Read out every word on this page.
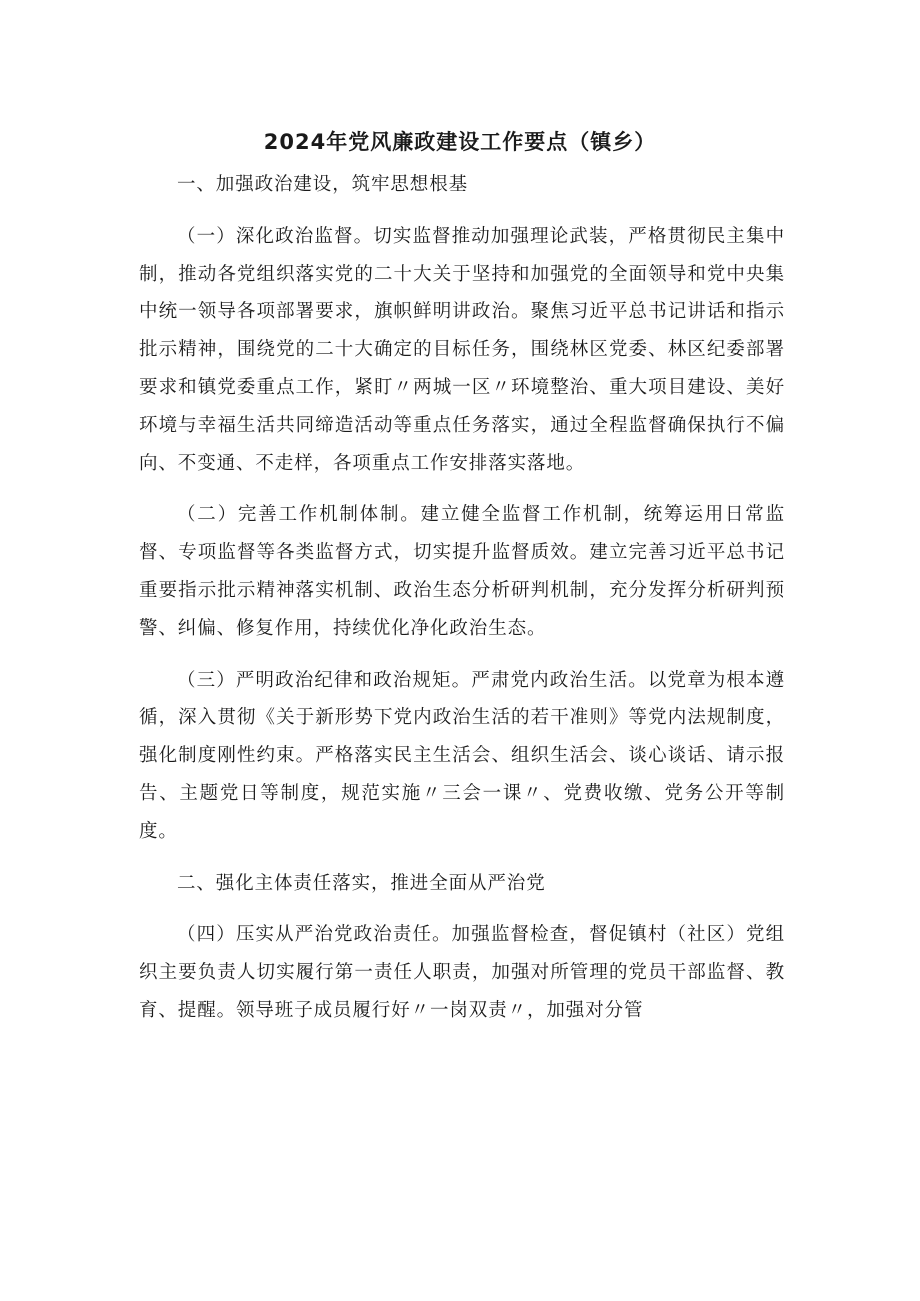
2024年党风廉政建设工作要点（镇乡）

一、加强政治建设，筑牢思想根基

（一）深化政治监督。切实监督推动加强理论武装，严格贯彻民主集中制，推动各党组织落实党的二十大关于坚持和加强党的全面领导和党中央集中统一领导各项部署要求，旗帜鲜明讲政治。聚焦习近平总书记讲话和指示批示精神，围绕党的二十大确定的目标任务，围绕林区党委、林区纪委部署要求和镇党委重点工作，紧盯〃两城一区〃环境整治、重大项目建设、美好环境与幸福生活共同缔造活动等重点任务落实，通过全程监督确保执行不偏向、不变通、不走样，各项重点工作安排落实落地。

（二）完善工作机制体制。建立健全监督工作机制，统筹运用日常监督、专项监督等各类监督方式，切实提升监督质效。建立完善习近平总书记重要指示批示精神落实机制、政治生态分析研判机制，充分发挥分析研判预警、纠偏、修复作用，持续优化净化政治生态。

（三）严明政治纪律和政治规矩。严肃党内政治生活。以党章为根本遵循，深入贯彻《关于新形势下党内政治生活的若干准则》等党内法规制度，强化制度刚性约束。严格落实民主生活会、组织生活会、谈心谈话、请示报告、主题党日等制度，规范实施〃三会一课〃、党费收缴、党务公开等制度。

二、强化主体责任落实，推进全面从严治党

（四）压实从严治党政治责任。加强监督检查，督促镇村（社区）党组织主要负责人切实履行第一责任人职责，加强对所管理的党员干部监督、教育、提醒。领导班子成员履行好〃一岗双责〃，加强对分管
